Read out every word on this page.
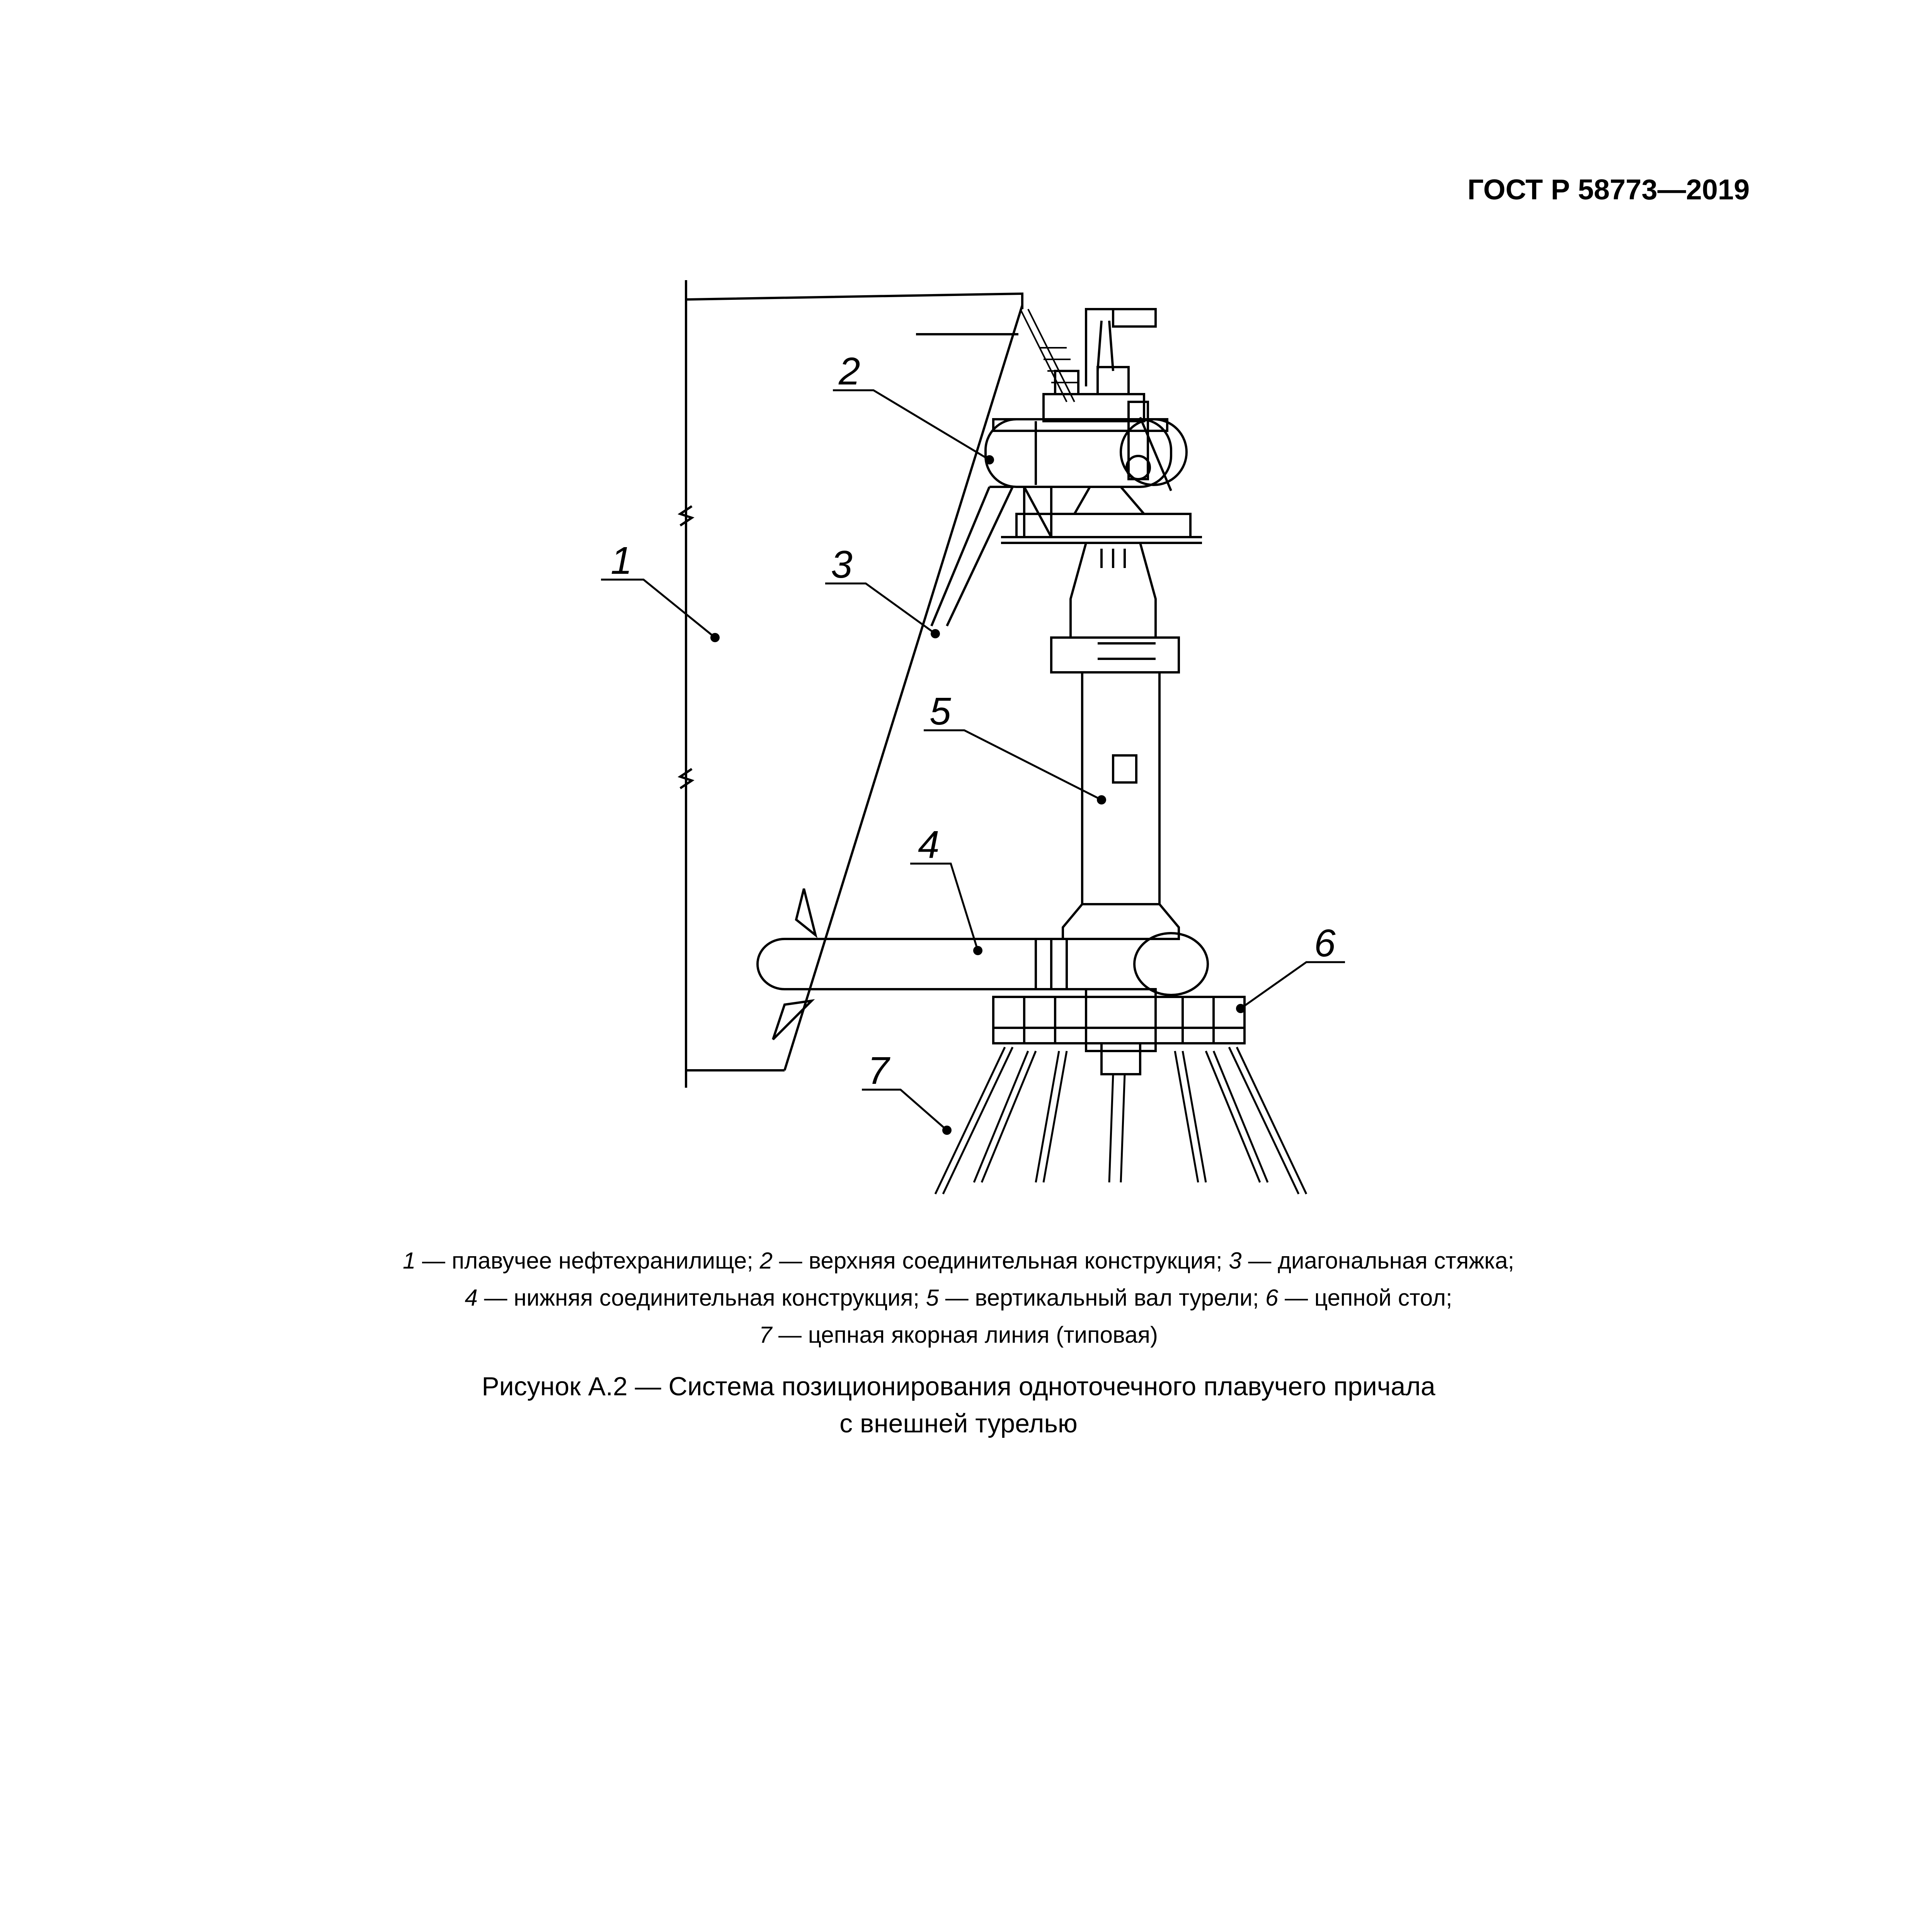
ГОСТ Р 58773—2019
1
2
3
4
5
6
7
1 — плавучее нефтехранилище; 2 — верхняя соединительная конструкция; 3 — диагональная стяжка;
4 — нижняя соединительная конструкция; 5 — вертикальный вал турели; 6 — цепной стол;
7 — цепная якорная линия (типовая)
Рисунок А.2 — Система позиционирования одноточечного плавучего причала
с внешней турелью
